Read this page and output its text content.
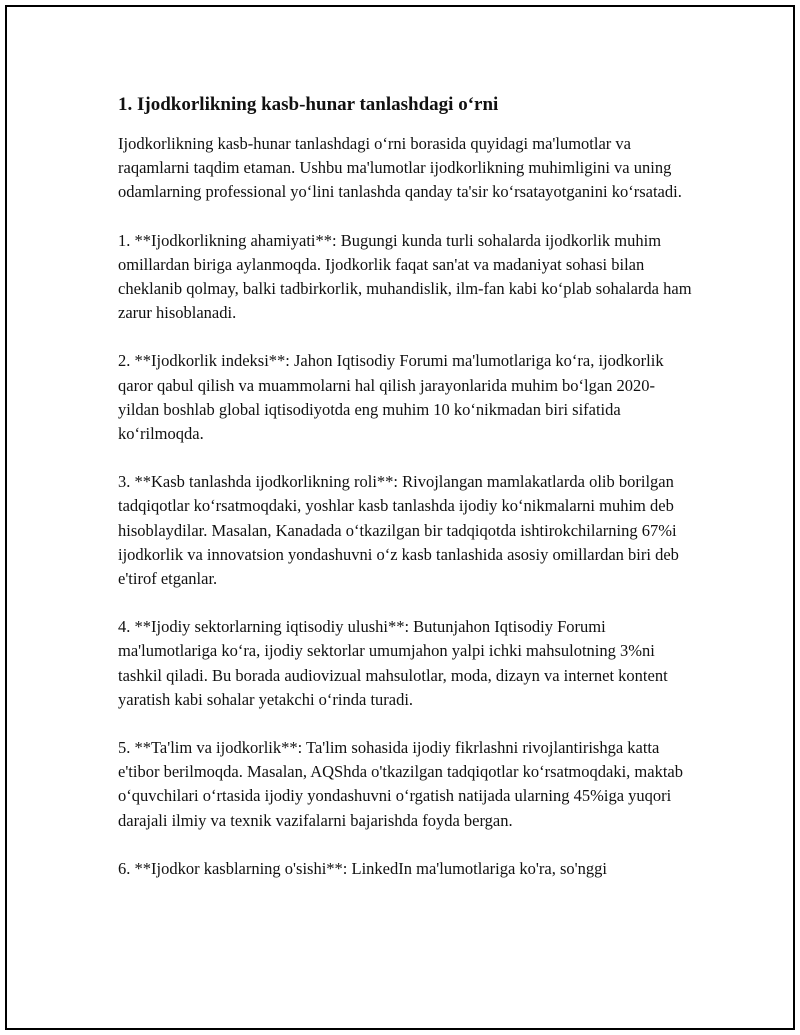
1. Ijodkorlikning kasb-hunar tanlashdagi o‘rni

Ijodkorlikning kasb-hunar tanlashdagi o‘rni borasida quyidagi ma'lumotlar va raqamlarni taqdim etaman. Ushbu ma'lumotlar ijodkorlikning muhimligini va uning odamlarning professional yo‘lini tanlashda qanday ta'sir ko‘rsatayotganini ko‘rsatadi.

1. **Ijodkorlikning ahamiyati**: Bugungi kunda turli sohalarda ijodkorlik muhim omillardan biriga aylanmoqda. Ijodkorlik faqat san'at va madaniyat sohasi bilan cheklanib qolmay, balki tadbirkorlik, muhandislik, ilm-fan kabi ko‘plab sohalarda ham zarur hisoblanadi.

2. **Ijodkorlik indeksi**: Jahon Iqtisodiy Forumi ma'lumotlariga ko‘ra, ijodkorlik qaror qabul qilish va muammolarni hal qilish jarayonlarida muhim bo‘lgan 2020-yildan boshlab global iqtisodiyotda eng muhim 10 ko‘nikmadan biri sifatida ko‘rilmoqda.

3. **Kasb tanlashda ijodkorlikning roli**: Rivojlangan mamlakatlarda olib borilgan tadqiqotlar ko‘rsatmoqdaki, yoshlar kasb tanlashda ijodiy ko‘nikmalarni muhim deb hisoblaydilar. Masalan, Kanadada o‘tkazilgan bir tadqiqotda ishtirokchilarning 67%i ijodkorlik va innovatsion yondashuvni o‘z kasb tanlashida asosiy omillardan biri deb e'tirof etganlar.

4. **Ijodiy sektorlarning iqtisodiy ulushi**: Butunjahon Iqtisodiy Forumi ma'lumotlariga ko‘ra, ijodiy sektorlar umumjahon yalpi ichki mahsulotning 3%ni tashkil qiladi. Bu borada audiovizual mahsulotlar, moda, dizayn va internet kontent yaratish kabi sohalar yetakchi o‘rinda turadi.

5. **Ta'lim va ijodkorlik**: Ta'lim sohasida ijodiy fikrlashni rivojlantirishga katta e'tibor berilmoqda. Masalan, AQShda o'tkazilgan tadqiqotlar ko‘rsatmoqdaki, maktab o‘quvchilari o‘rtasida ijodiy yondashuvni o‘rgatish natijada ularning 45%iga yuqori darajali ilmiy va texnik vazifalarni bajarishda foyda bergan.

6. **Ijodkor kasblarning o'sishi**: LinkedIn ma'lumotlariga ko'ra, so'nggi
